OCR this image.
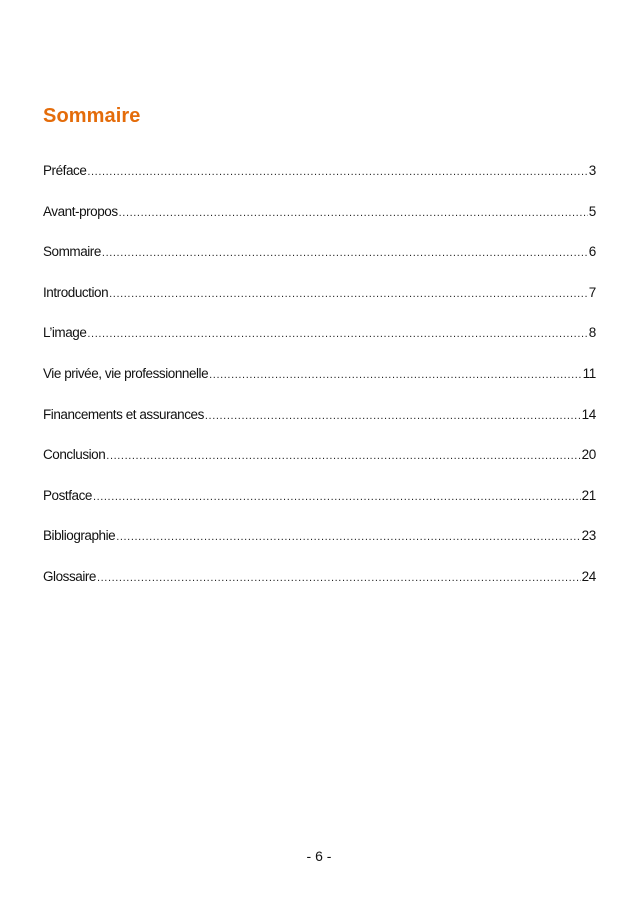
Sommaire
Préface .....	3
Avant-propos .....	5
Sommaire .....	6
Introduction .....	7
L’image .....	8
Vie privée, vie professionnelle .....	11
Financements et assurances .....	14
Conclusion .....	20
Postface .....	21
Bibliographie .....	23
Glossaire .....	24
- 6 -
